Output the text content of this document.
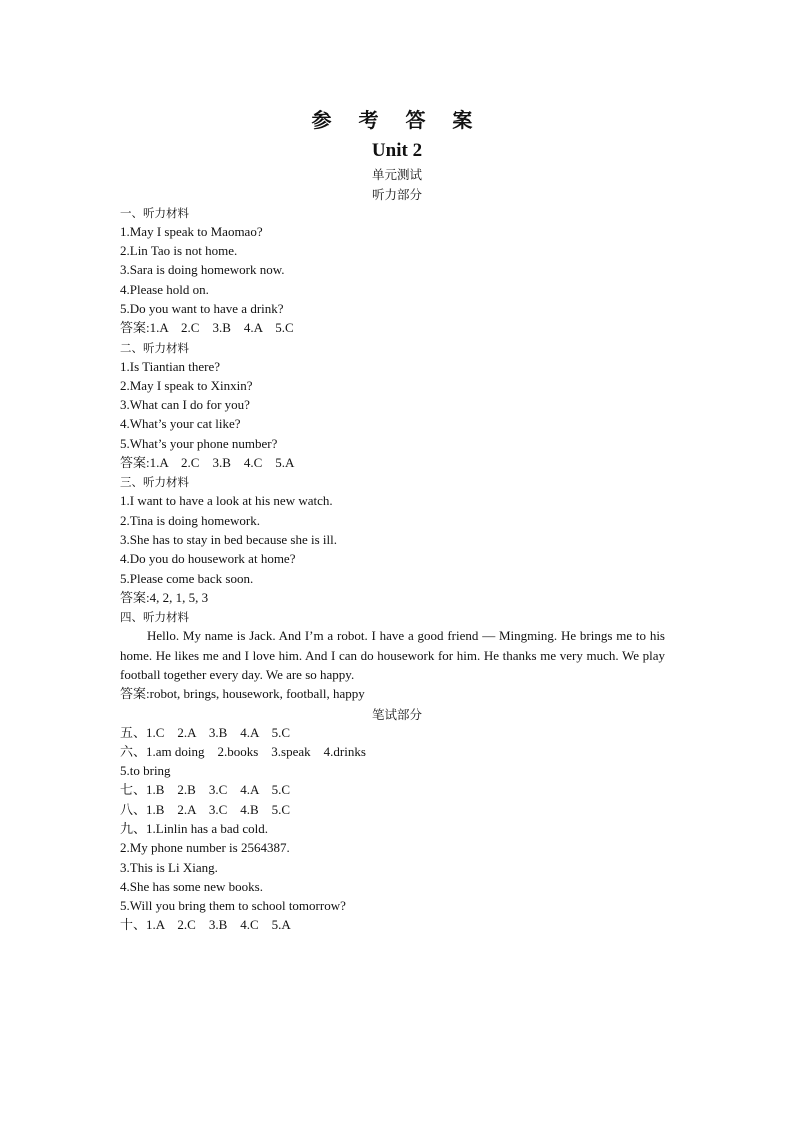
参 考 答 案
Unit 2
单元测试
听力部分
一、听力材料
1.May I speak to Maomao?
2.Lin Tao is not home.
3.Sara is doing homework now.
4.Please hold on.
5.Do you want to have a drink?
答案:1.A    2.C    3.B    4.A    5.C
二、听力材料
1.Is Tiantian there?
2.May I speak to Xinxin?
3.What can I do for you?
4.What’s your cat like?
5.What’s your phone number?
答案:1.A    2.C    3.B    4.C    5.A
三、听力材料
1.I want to have a look at his new watch.
2.Tina is doing homework.
3.She has to stay in bed because she is ill.
4.Do you do housework at home?
5.Please come back soon.
答案:4, 2, 1, 5, 3
四、听力材料
Hello. My name is Jack. And I’m a robot. I have a good friend — Mingming. He brings me to his home. He likes me and I love him. And I can do housework for him. He thanks me very much. We play football together every day. We are so happy.
答案:robot, brings, housework, football, happy
笔试部分
五、1.C    2.A    3.B    4.A    5.C
六、1.am doing    2.books    3.speak    4.drinks
5.to bring
七、1.B    2.B    3.C    4.A    5.C
八、1.B    2.A    3.C    4.B    5.C
九、1.Linlin has a bad cold.
2.My phone number is 2564387.
3.This is Li Xiang.
4.She has some new books.
5.Will you bring them to school tomorrow?
十、1.A    2.C    3.B    4.C    5.A
